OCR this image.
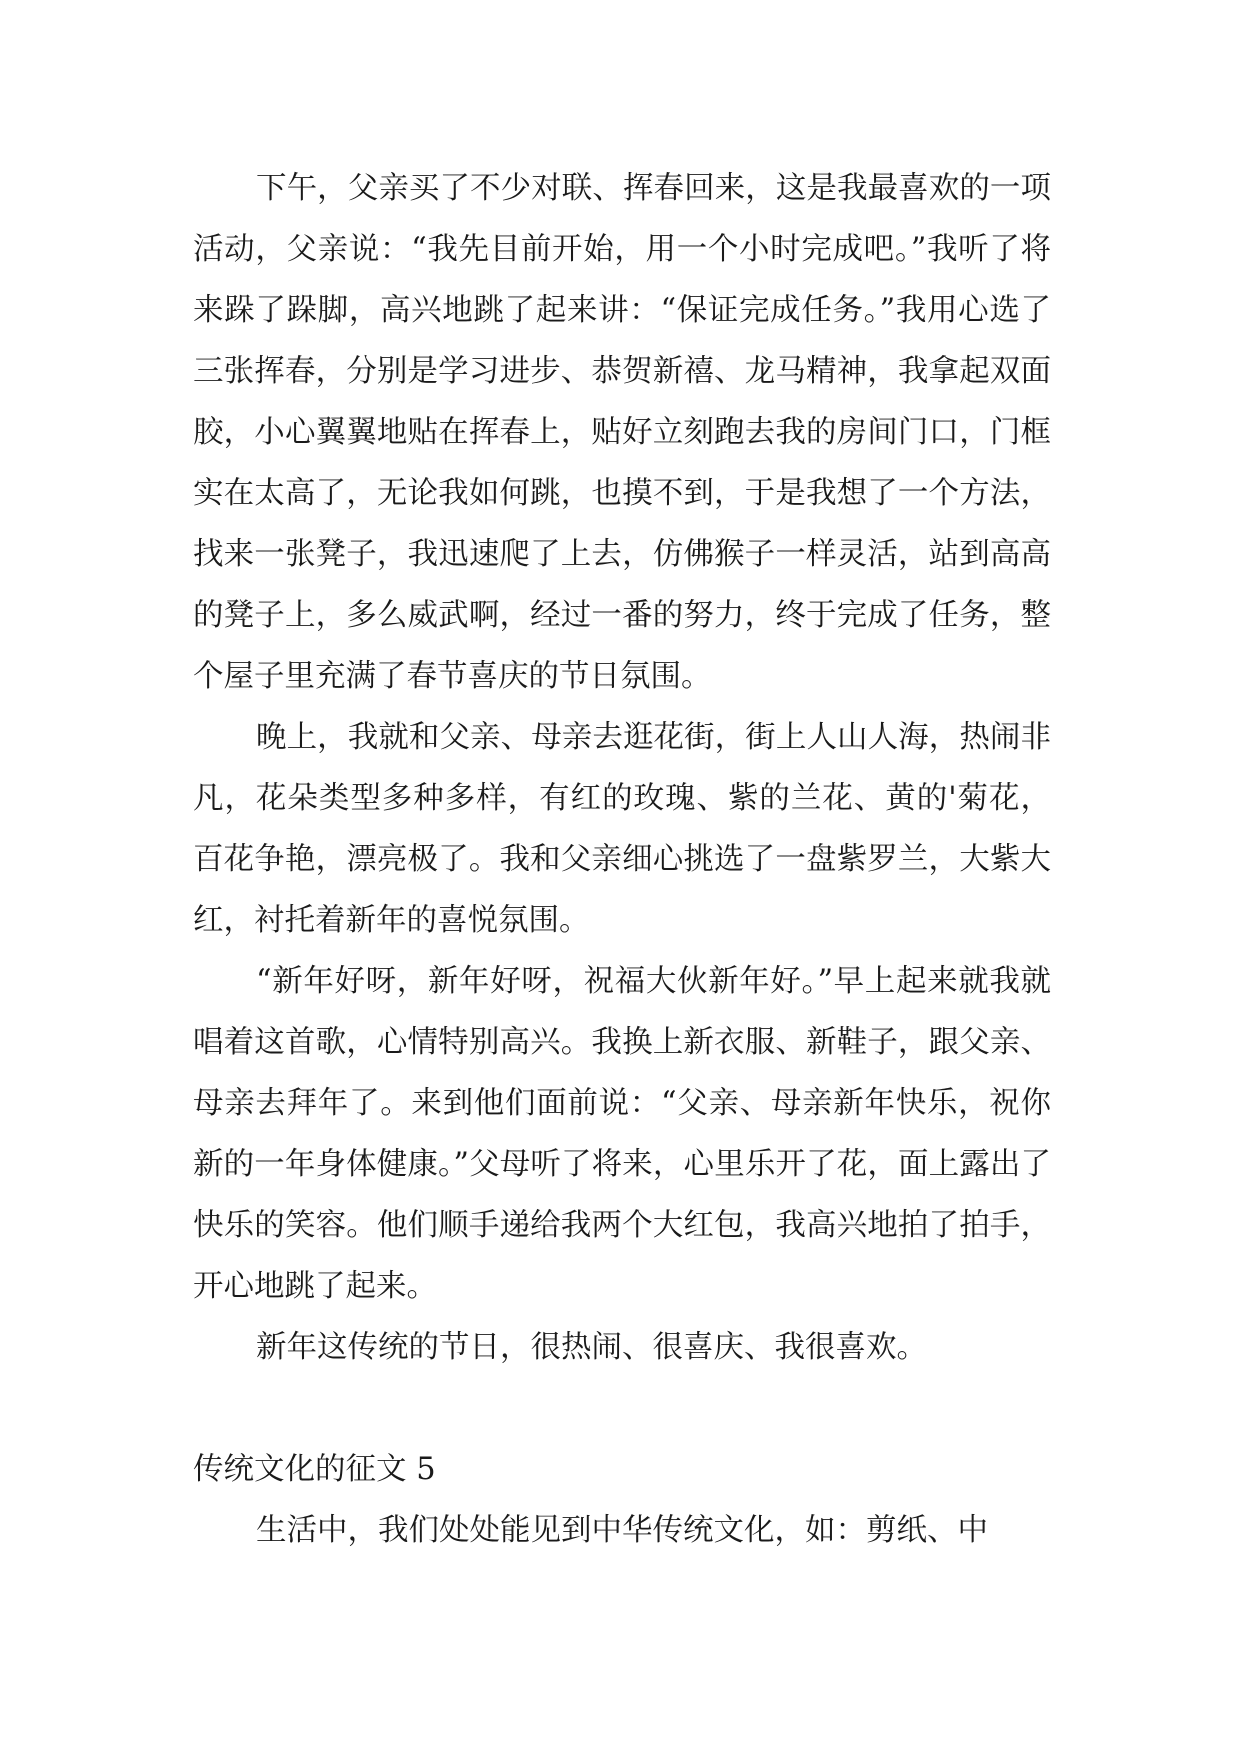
下午，父亲买了不少对联、挥春回来，这是我最喜欢的一项活动，父亲说：“我先目前开始，用一个小时完成吧。”我听了将来跺了跺脚，高兴地跳了起来讲：“保证完成任务。”我用心选了三张挥春，分别是学习进步、恭贺新禧、龙马精神，我拿起双面胶，小心翼翼地贴在挥春上，贴好立刻跑去我的房间门口，门框实在太高了，无论我如何跳，也摸不到，于是我想了一个方法，找来一张凳子，我迅速爬了上去，仿佛猴子一样灵活，站到高高的凳子上，多么威武啊，经过一番的努力，终于完成了任务，整个屋子里充满了春节喜庆的节日氛围。

晚上，我就和父亲、母亲去逛花街，街上人山人海，热闹非凡，花朵类型多种多样，有红的玫瑰、紫的兰花、黄的'菊花，百花争艳，漂亮极了。我和父亲细心挑选了一盘紫罗兰，大紫大红，衬托着新年的喜悦氛围。

“新年好呀，新年好呀，祝福大伙新年好。”早上起来就我就唱着这首歌，心情特别高兴。我换上新衣服、新鞋子，跟父亲、母亲去拜年了。来到他们面前说：“父亲、母亲新年快乐，祝你新的一年身体健康。”父母听了将来，心里乐开了花，面上露出了快乐的笑容。他们顺手递给我两个大红包，我高兴地拍了拍手，开心地跳了起来。

新年这传统的节日，很热闹、很喜庆、我很喜欢。

传统文化的征文 5

生活中，我们处处能见到中华传统文化，如：剪纸、中
